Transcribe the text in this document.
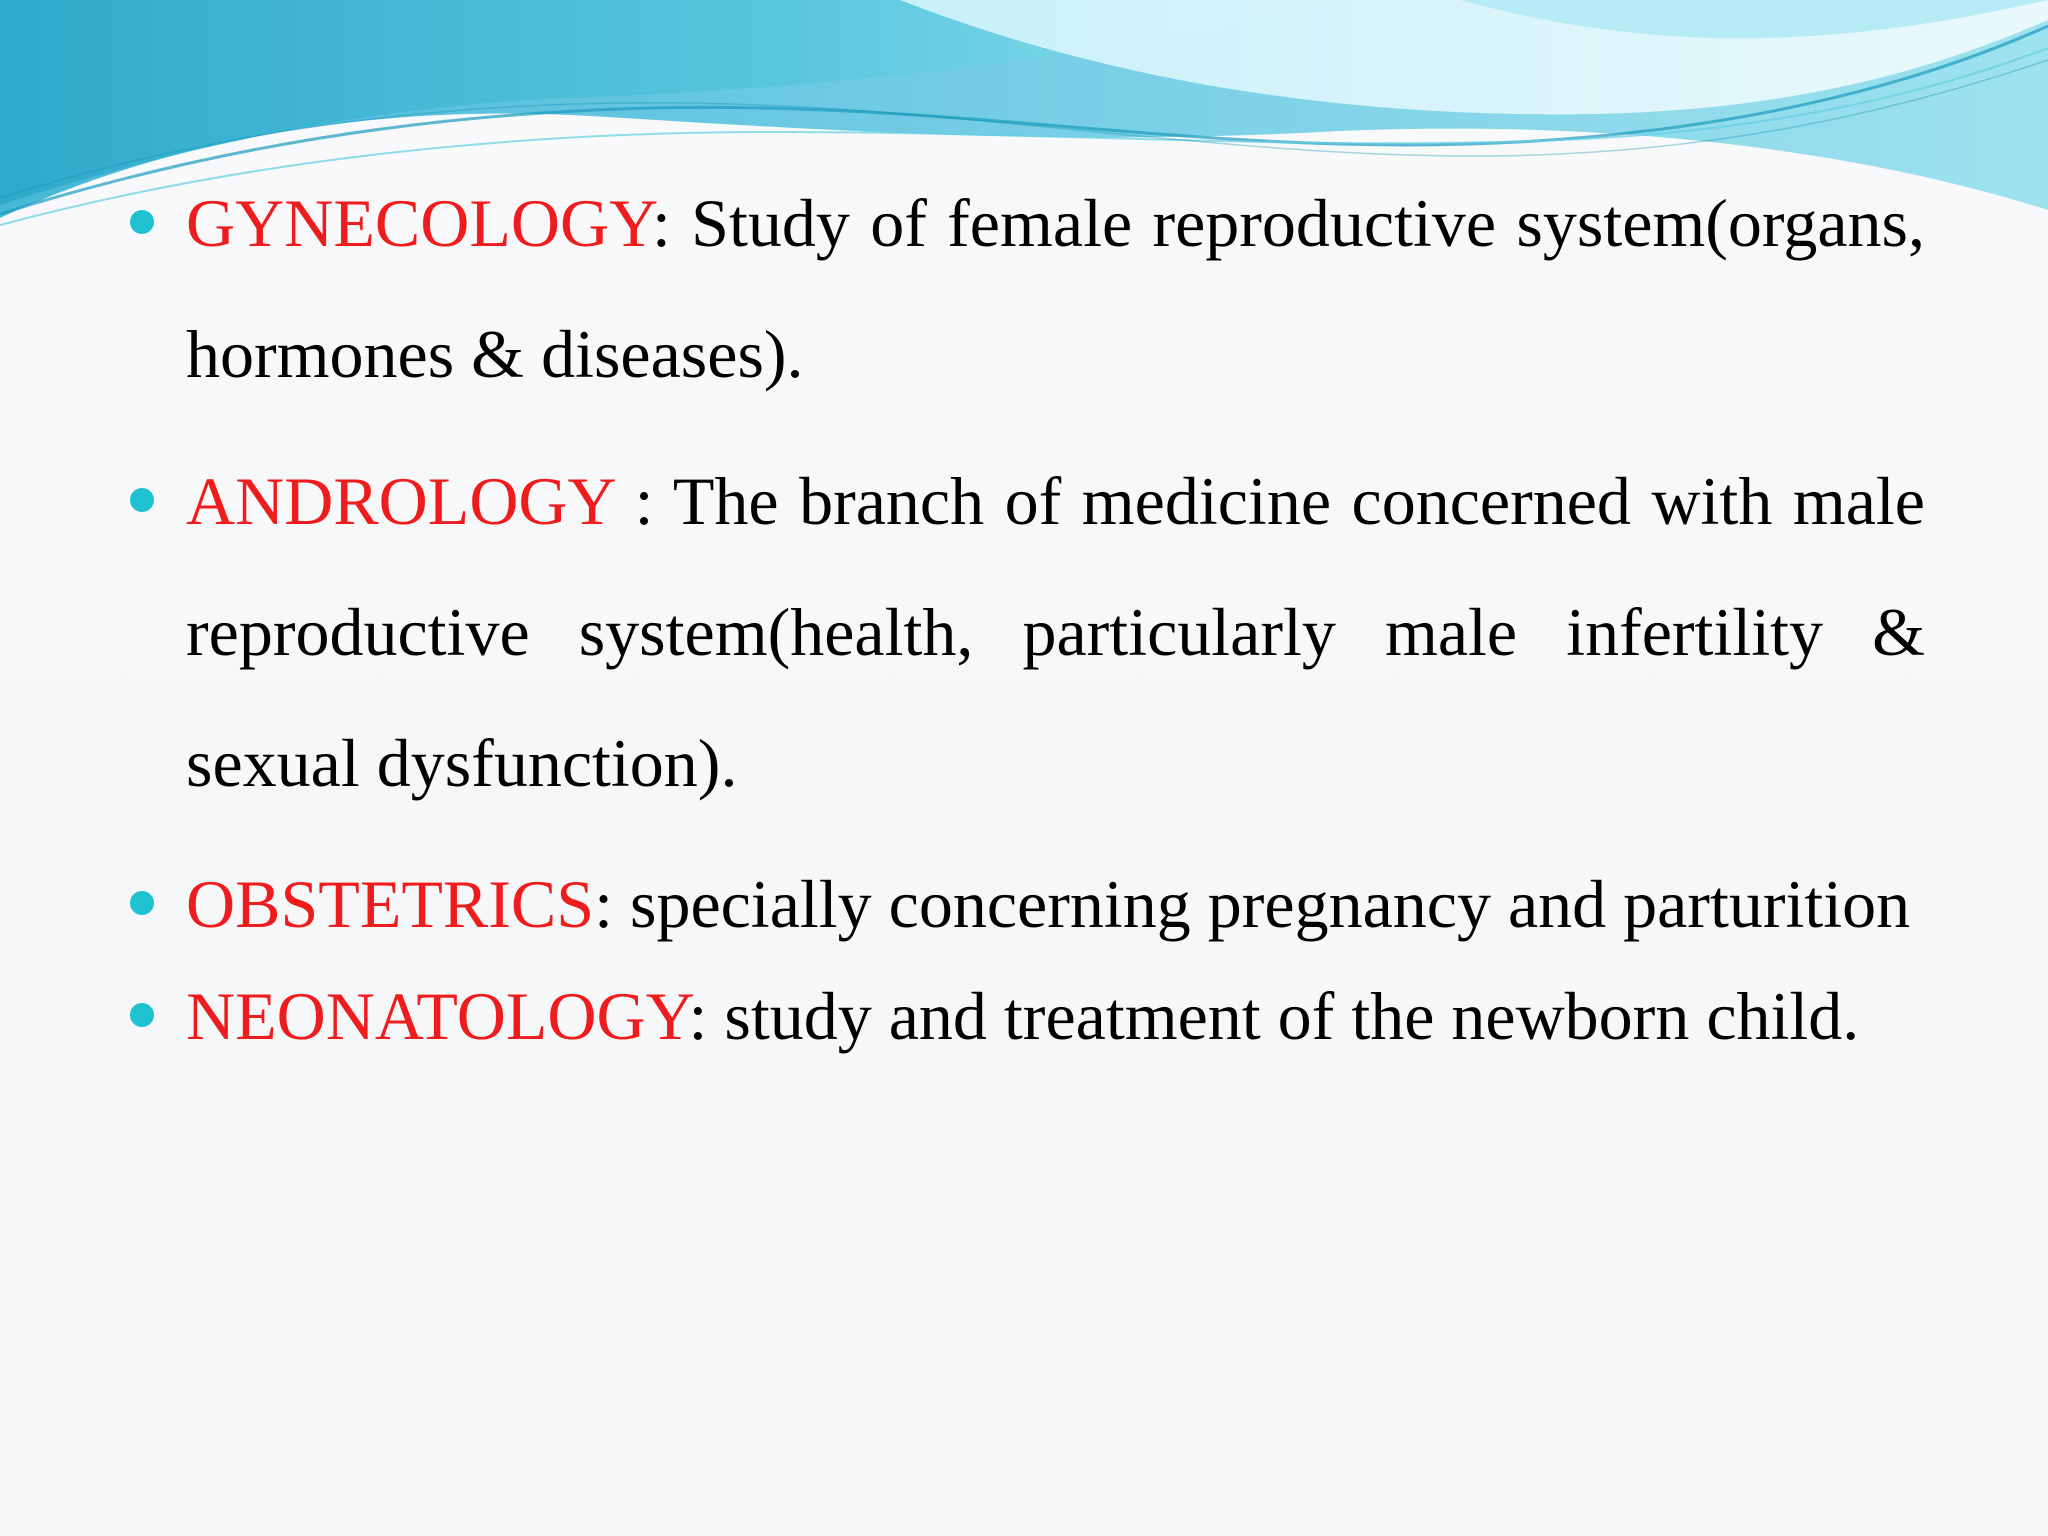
GYNECOLOGY: Study of female reproductive system(organs, hormones & diseases).
ANDROLOGY : The branch of medicine concerned with male reproductive system(health, particularly male infertility & sexual dysfunction).
OBSTETRICS: specially concerning pregnancy and parturition
NEONATOLOGY: study and treatment of the newborn child.
